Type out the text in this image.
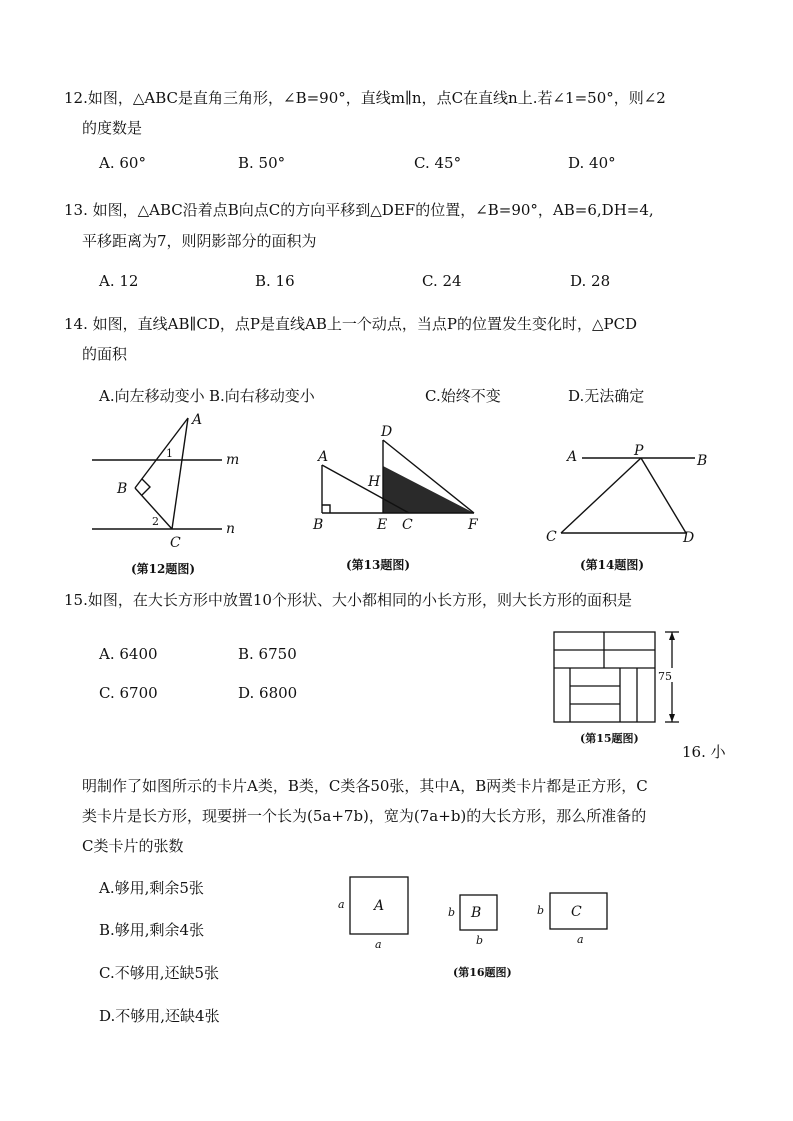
12.如图，△ABC是直角三角形，∠B=90°，直线m∥n，点C在直线n上.若∠1=50°，则∠2
的度数是
A. 60°	B. 50°	C. 45°	D. 40°
13. 如图，△ABC沿着点B向点C的方向平移到△DEF的位置，∠B=90°，AB=6,DH=4,
平移距离为7，则阴影部分的面积为
A. 12	B. 16	C. 24	D. 28
14. 如图，直线AB∥CD，点P是直线AB上一个动点，当点P的位置发生变化时，△PCD
的面积
A.向左移动变小 B.向右移动变小	C.始终不变	D.无法确定
A
B
C
m
n
1
2
(第12题图)
A
B	C
D
E	F
H
(第13题图)
A	B
C	D
P
(第14题图)
15.如图，在大长方形中放置10个形状、大小都相同的小长方形，则大长方形的面积是
A. 6400	B. 6750
C. 6700	D. 6800
75
(第15题图)
16. 小
明制作了如图所示的卡片A类，B类，C类各50张，其中A，B两类卡片都是正方形，C
类卡片是长方形，现要拼一个长为(5a+7b)，宽为(7a+b)的大长方形，那么所准备的
C类卡片的张数
A.够用,剩余5张
B.够用,剩余4张
C.不够用,还缺5张
D.不够用,还缺4张
A
a
a
B
b
b
C
b
a
(第16题图)
